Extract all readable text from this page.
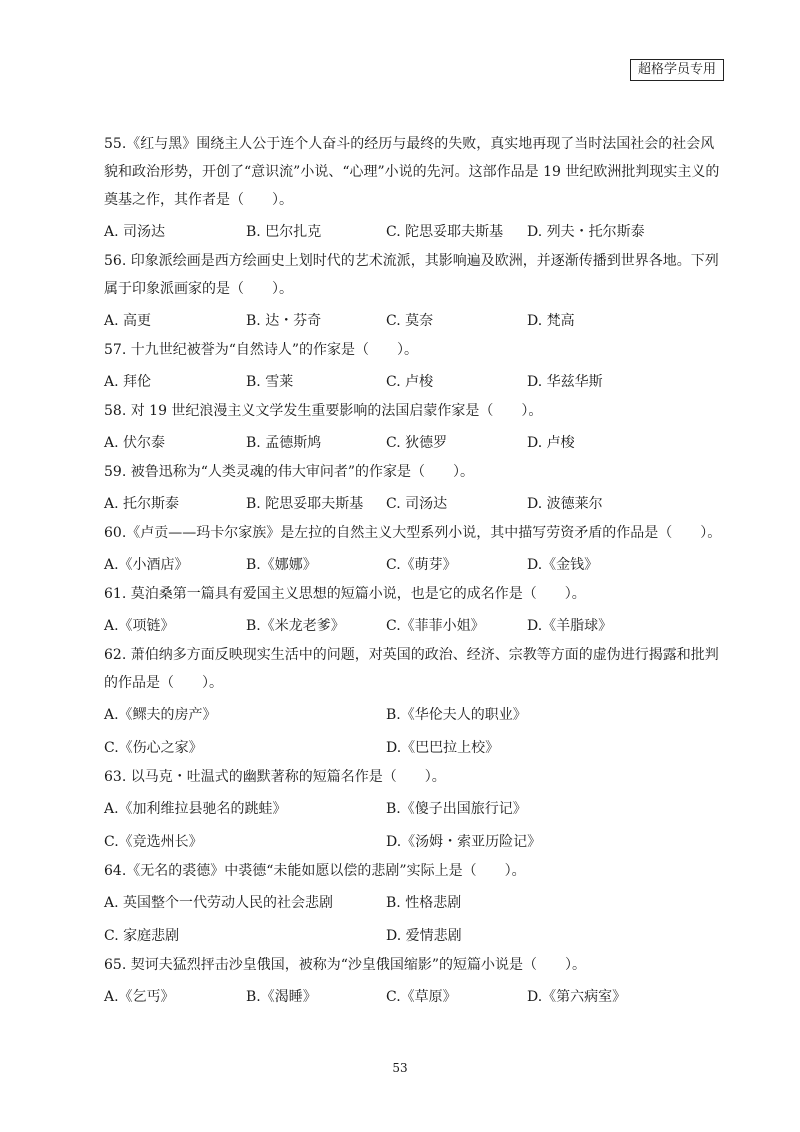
超格学员专用

55.《红与黑》围绕主人公于连个人奋斗的经历与最终的失败，真实地再现了当时法国社会的社会风貌和政治形势，开创了“意识流”小说、“心理”小说的先河。这部作品是 19 世纪欧洲批判现实主义的奠基之作，其作者是（　　）。

A. 司汤达	B. 巴尔扎克	C. 陀思妥耶夫斯基 D. 列夫・托尔斯泰

56. 印象派绘画是西方绘画史上划时代的艺术流派，其影响遍及欧洲，并逐渐传播到世界各地。下列属于印象派画家的是（　　）。

A. 高更	B. 达・芬奇	C. 莫奈	D. 梵高

57. 十九世纪被誉为“自然诗人”的作家是（　　）。

A. 拜伦	B. 雪莱	C. 卢梭	D. 华兹华斯

58. 对 19 世纪浪漫主义文学发生重要影响的法国启蒙作家是（　　）。

A. 伏尔泰	B. 孟德斯鸠	C. 狄德罗	D. 卢梭

59. 被鲁迅称为“人类灵魂的伟大审问者”的作家是（　　）。

A. 托尔斯泰	B. 陀思妥耶夫斯基 C. 司汤达	D. 波德莱尔

60.《卢贡——玛卡尔家族》是左拉的自然主义大型系列小说，其中描写劳资矛盾的作品是（　　）。

A.《小酒店》	B.《娜娜》	C.《萌芽》	D.《金钱》

61. 莫泊桑第一篇具有爱国主义思想的短篇小说，也是它的成名作是（　　）。

A.《项链》	B.《米龙老爹》	C.《菲菲小姐》	D.《羊脂球》

62. 萧伯纳多方面反映现实生活中的问题，对英国的政治、经济、宗教等方面的虚伪进行揭露和批判的作品是（　　）。

A.《鳏夫的房产》	B.《华伦夫人的职业》
C.《伤心之家》	D.《巴巴拉上校》

63. 以马克・吐温式的幽默著称的短篇名作是（　　）。

A.《加利维拉县驰名的跳蛙》	B.《傻子出国旅行记》
C.《竞选州长》	D.《汤姆・索亚历险记》

64.《无名的裘德》中裘德“未能如愿以偿的悲剧”实际上是（　　）。

A. 英国整个一代劳动人民的社会悲剧	B. 性格悲剧
C. 家庭悲剧	D. 爱情悲剧

65. 契诃夫猛烈抨击沙皇俄国，被称为“沙皇俄国缩影”的短篇小说是（　　）。

A.《乞丐》	B.《渴睡》	C.《草原》	D.《第六病室》
53
